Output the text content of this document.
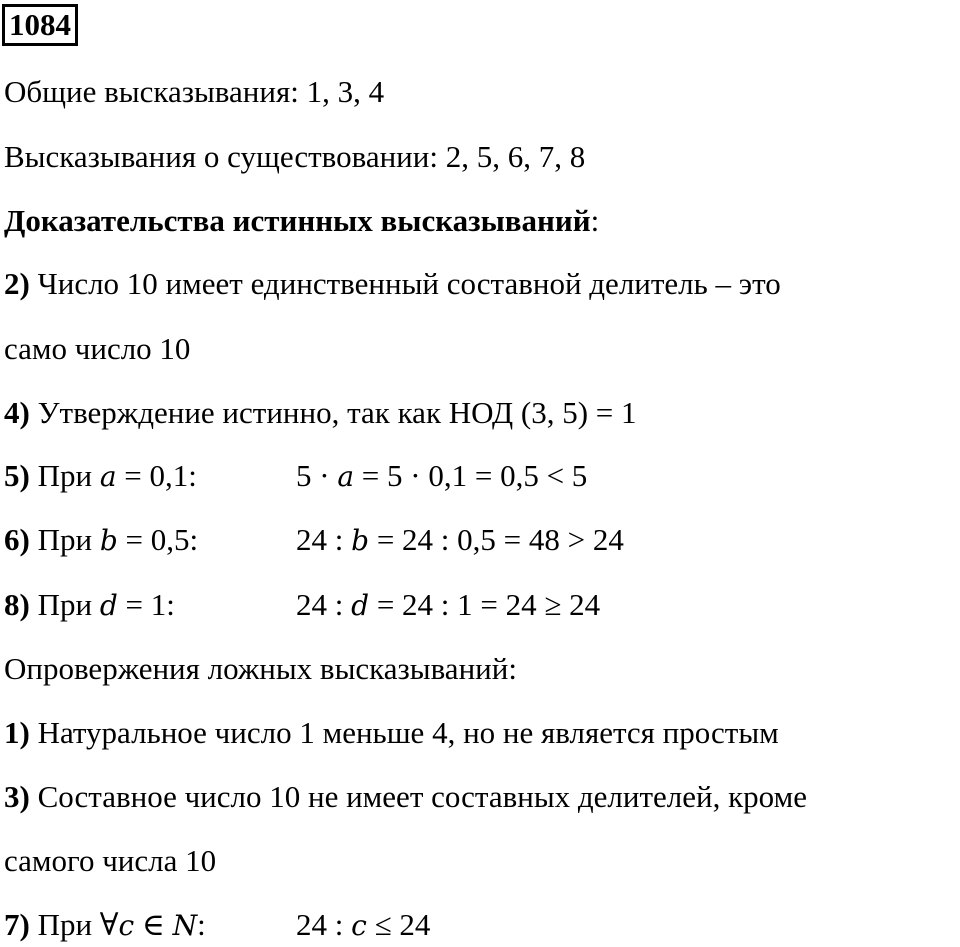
1084
Общие высказывания: 1, 3, 4
Высказывания о существовании: 2, 5, 6, 7, 8
Доказательства истинных высказываний:
2) Число 10 имеет единственный составной делитель – это
само число 10
4) Утверждение истинно, так как НОД (3, 5) = 1
5) При a = 0,1:	5 · a = 5 · 0,1 = 0,5 < 5
6) При b = 0,5:	24 : b = 24 : 0,5 = 48 > 24
8) При d = 1:	24 : d = 24 : 1 = 24 ≥ 24
Опровержения ложных высказываний:
1) Натуральное число 1 меньше 4, но не является простым
3) Составное число 10 не имеет составных делителей, кроме
самого числа 10
7) При ∀c ∈ N:	24 : c ≤ 24
